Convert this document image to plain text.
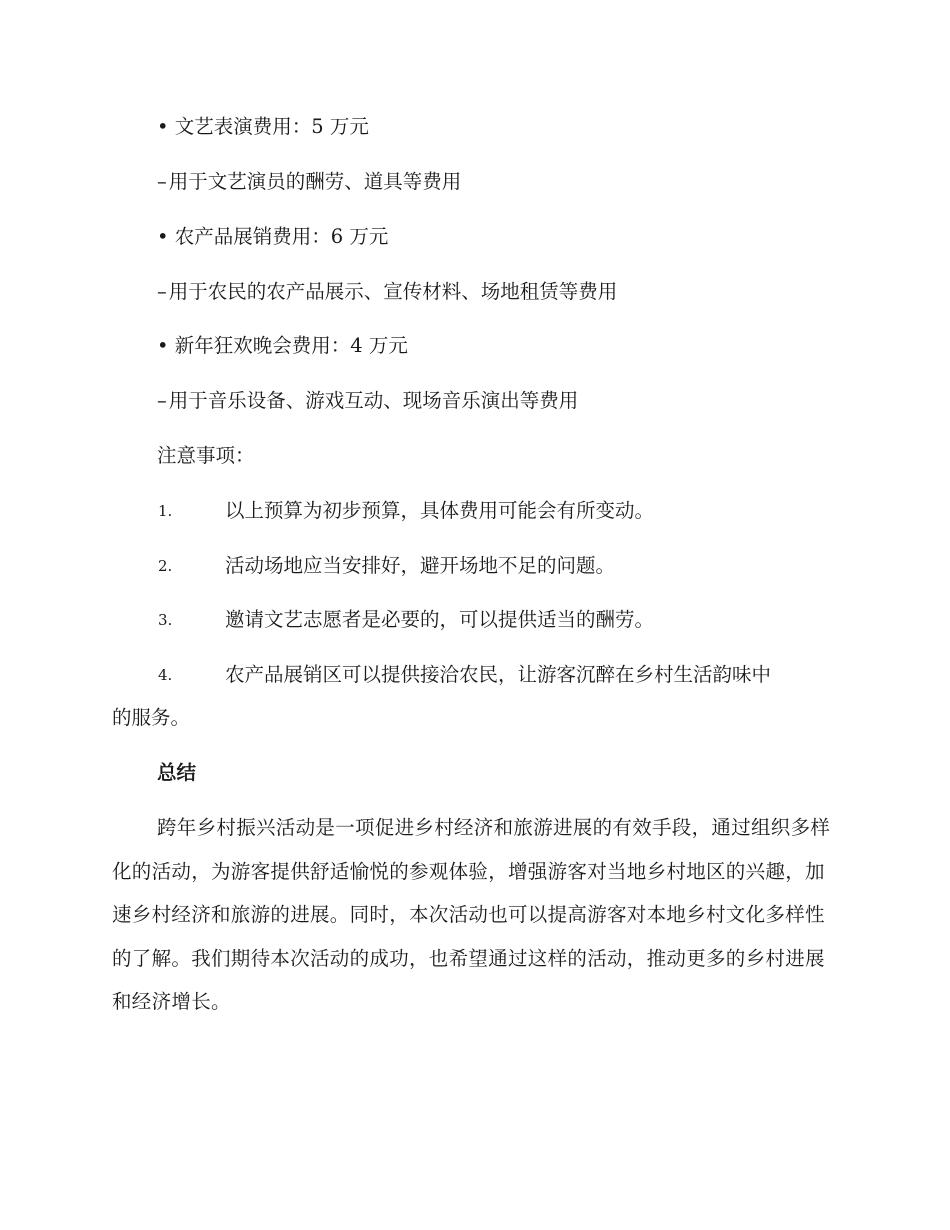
• 文艺表演费用：5 万元
– 用于文艺演员的酬劳、道具等费用
• 农产品展销费用：6 万元
– 用于农民的农产品展示、宣传材料、场地租赁等费用
• 新年狂欢晚会费用：4 万元
– 用于音乐设备、游戏互动、现场音乐演出等费用
注意事项：
1.	以上预算为初步预算，具体费用可能会有所变动。
2.	活动场地应当安排好，避开场地不足的问题。
3.	邀请文艺志愿者是必要的，可以提供适当的酬劳。
4.	农产品展销区可以提供接洽农民，让游客沉醉在乡村生活韵味中
的服务。
总结
跨年乡村振兴活动是一项促进乡村经济和旅游进展的有效手段，通过组织多样化的活动，为游客提供舒适愉悦的参观体验，增强游客对当地乡村地区的兴趣，加速乡村经济和旅游的进展。同时，本次活动也可以提高游客对本地乡村文化多样性的了解。我们期待本次活动的成功，也希望通过这样的活动，推动更多的乡村进展和经济增长。
